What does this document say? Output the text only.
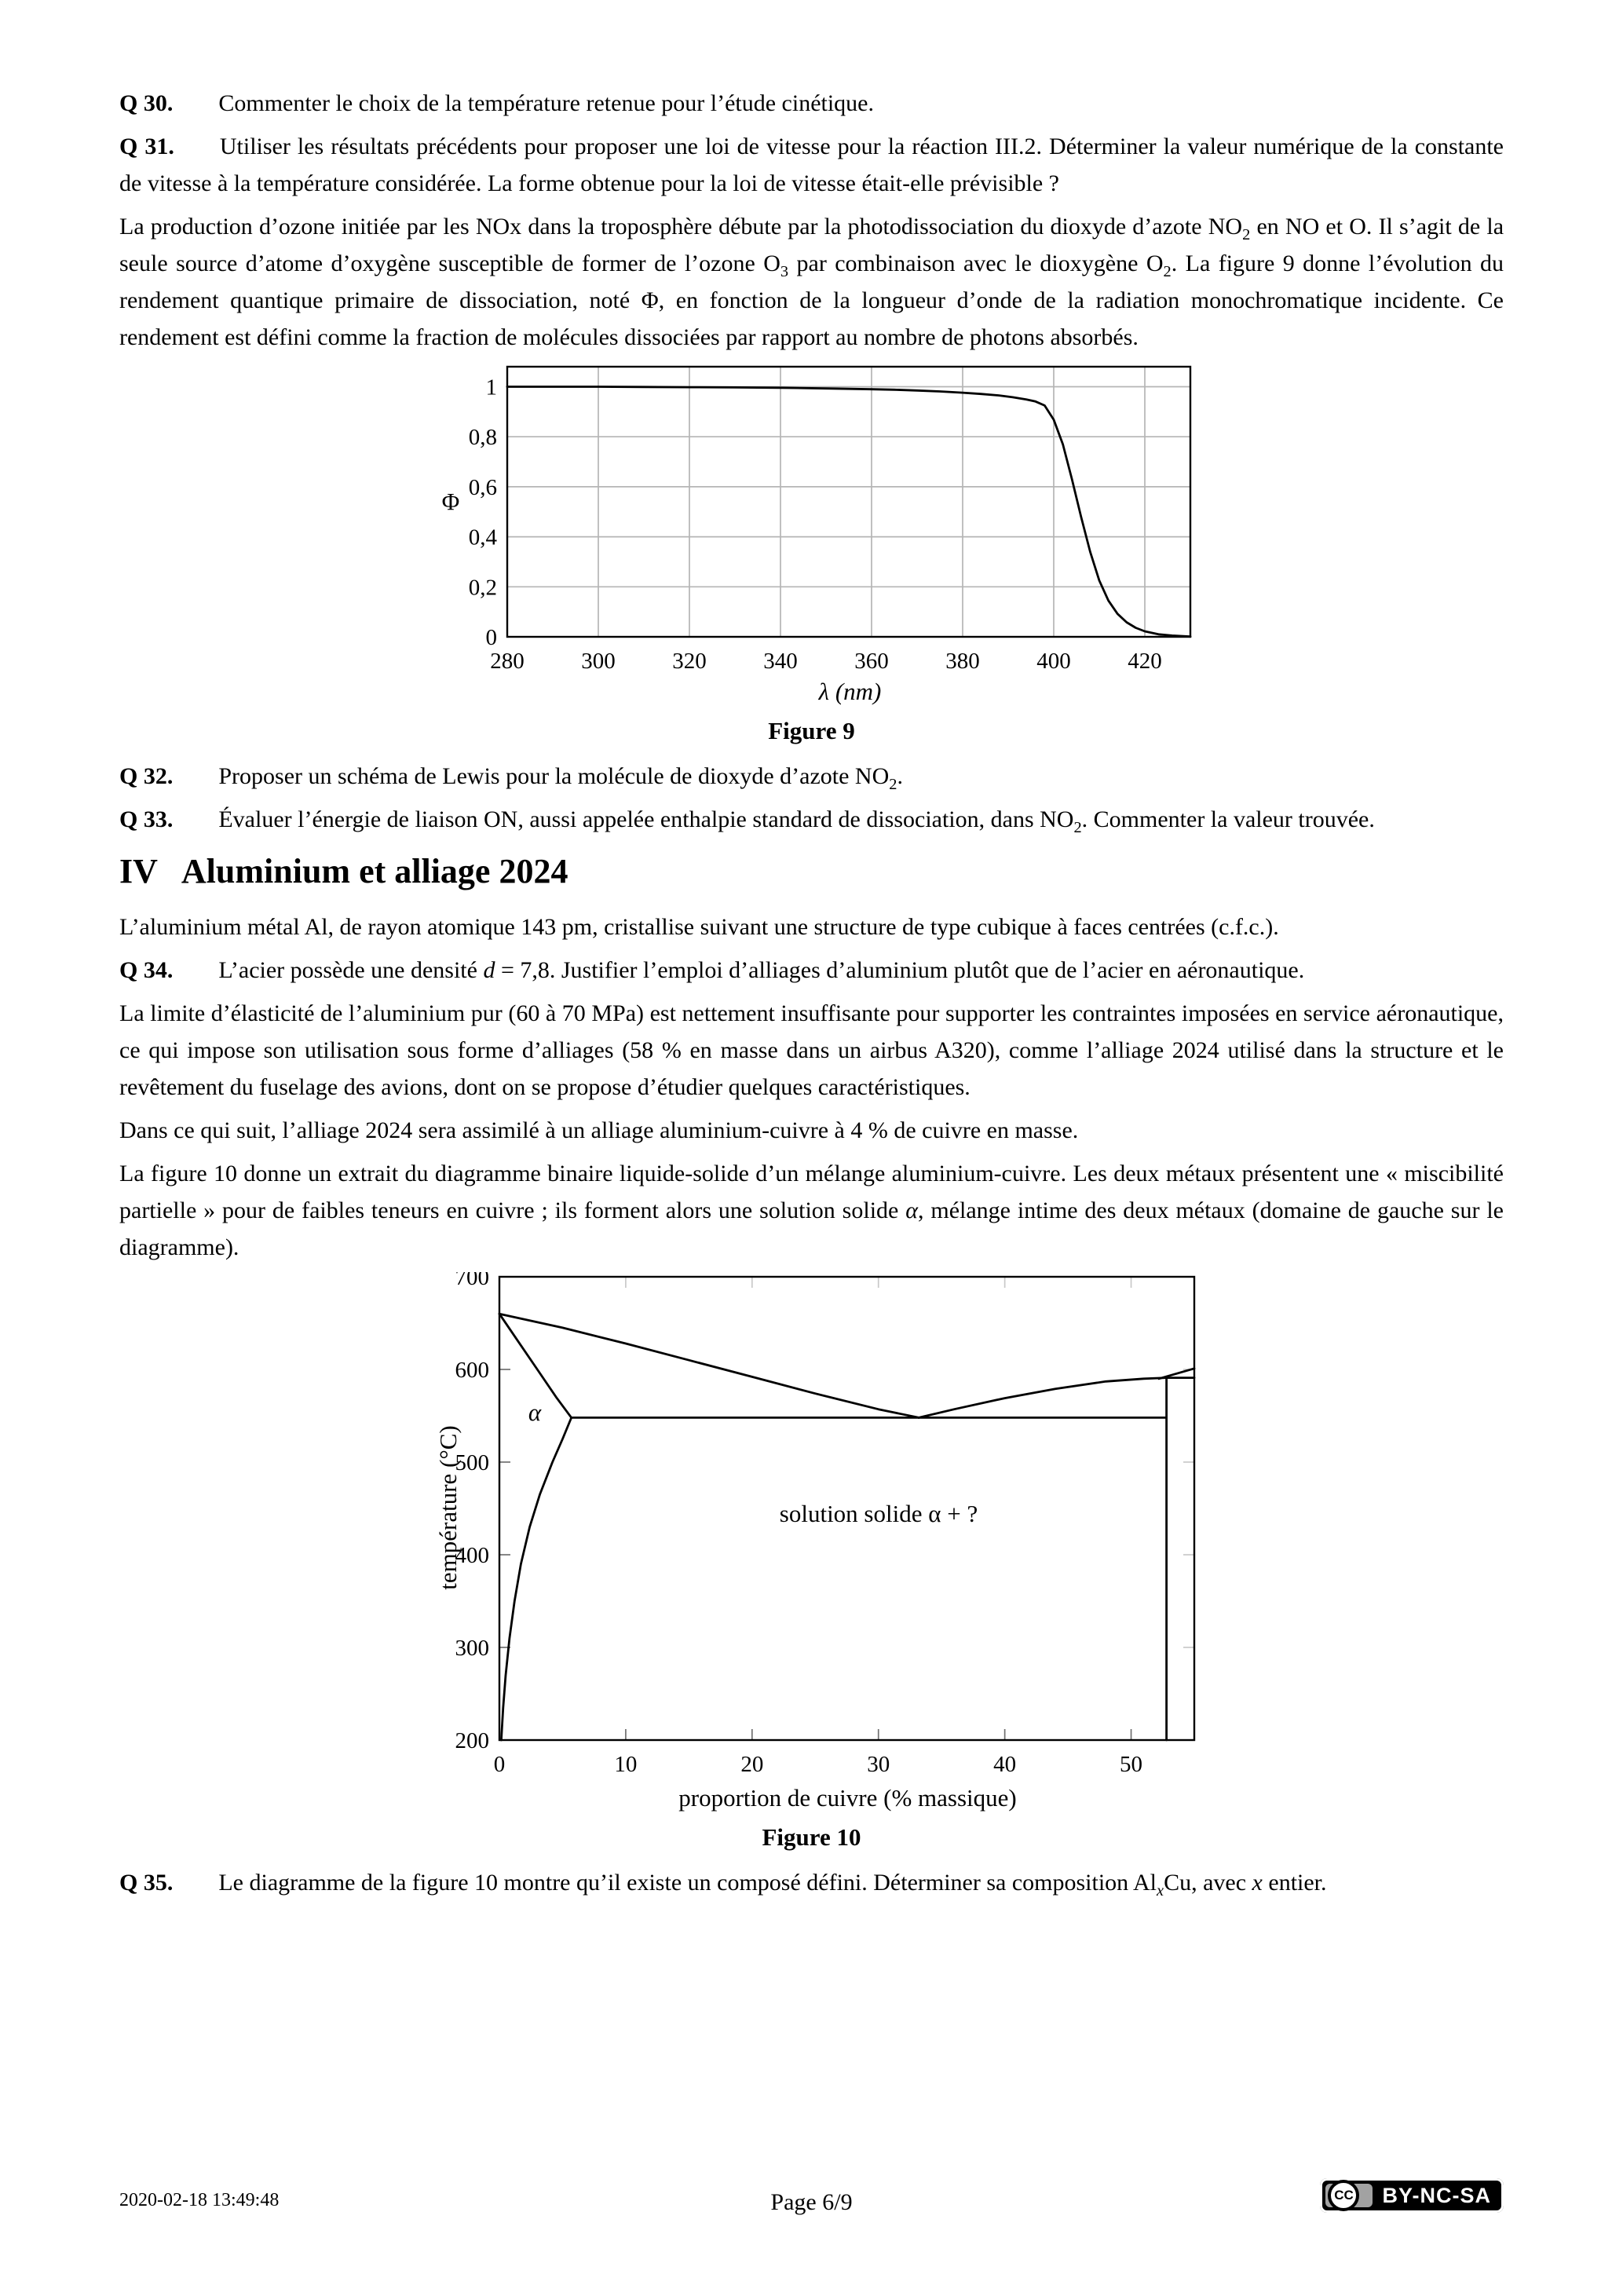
Q 30. Commenter le choix de la température retenue pour l’étude cinétique.

Q 31. Utiliser les résultats précédents pour proposer une loi de vitesse pour la réaction III.2. Déterminer la valeur numérique de la constante de vitesse à la température considérée. La forme obtenue pour la loi de vitesse était-elle prévisible ?

La production d’ozone initiée par les NOx dans la troposphère débute par la photodissociation du dioxyde d’azote $NO_2$ en NO et O. Il s’agit de la seule source d’atome d’oxygène susceptible de former de l’ozone $O_3$ par combinaison avec le dioxygène $O_2$. La figure 9 donne l’évolution du rendement quantique primaire de dissociation, noté Φ, en fonction de la longueur d’onde de la radiation monochromatique incidente. Ce rendement est défini comme la fraction de molécules dissociées par rapport au nombre de photons absorbés.

Φ
280	300	320	340	360	380	400	420
0
0,2
0,4
0,6
0,8
1
λ (nm)
Figure 9

Q 32. Proposer un schéma de Lewis pour la molécule de dioxyde d’azote $NO_2$.

Q 33. Évaluer l’énergie de liaison ON, aussi appelée enthalpie standard de dissociation, dans $NO_2$. Commenter la valeur trouvée.

IV Aluminium et alliage 2024

L’aluminium métal Al, de rayon atomique 143 pm, cristallise suivant une structure de type cubique à faces centrées (c.f.c.).

Q 34. L’acier possède une densité d = 7,8. Justifier l’emploi d’alliages d’aluminium plutôt que de l’acier en aéronautique.

La limite d’élasticité de l’aluminium pur (60 à 70 MPa) est nettement insuffisante pour supporter les contraintes imposées en service aéronautique, ce qui impose son utilisation sous forme d’alliages (58 % en masse dans un airbus A320), comme l’alliage 2024 utilisé dans la structure et le revêtement du fuselage des avions, dont on se propose d’étudier quelques caractéristiques.

Dans ce qui suit, l’alliage 2024 sera assimilé à un alliage aluminium-cuivre à 4 % de cuivre en masse.

La figure 10 donne un extrait du diagramme binaire liquide-solide d’un mélange aluminium-cuivre. Les deux métaux présentent une « miscibilité partielle » pour de faibles teneurs en cuivre ; ils forment alors une solution solide α, mélange intime des deux métaux (domaine de gauche sur le diagramme).

température (°C)
0	10	20	30	40	50
200
300
400
500
600
700
α
solution solide α + ?
proportion de cuivre (% massique)
Figure 10

Q 35. Le diagramme de la figure 10 montre qu’il existe un composé défini. Déterminer sa composition $Al_xCu$, avec x entier.

2020-02-18 13:49:48	Page 6/9	CC BY-NC-SA
